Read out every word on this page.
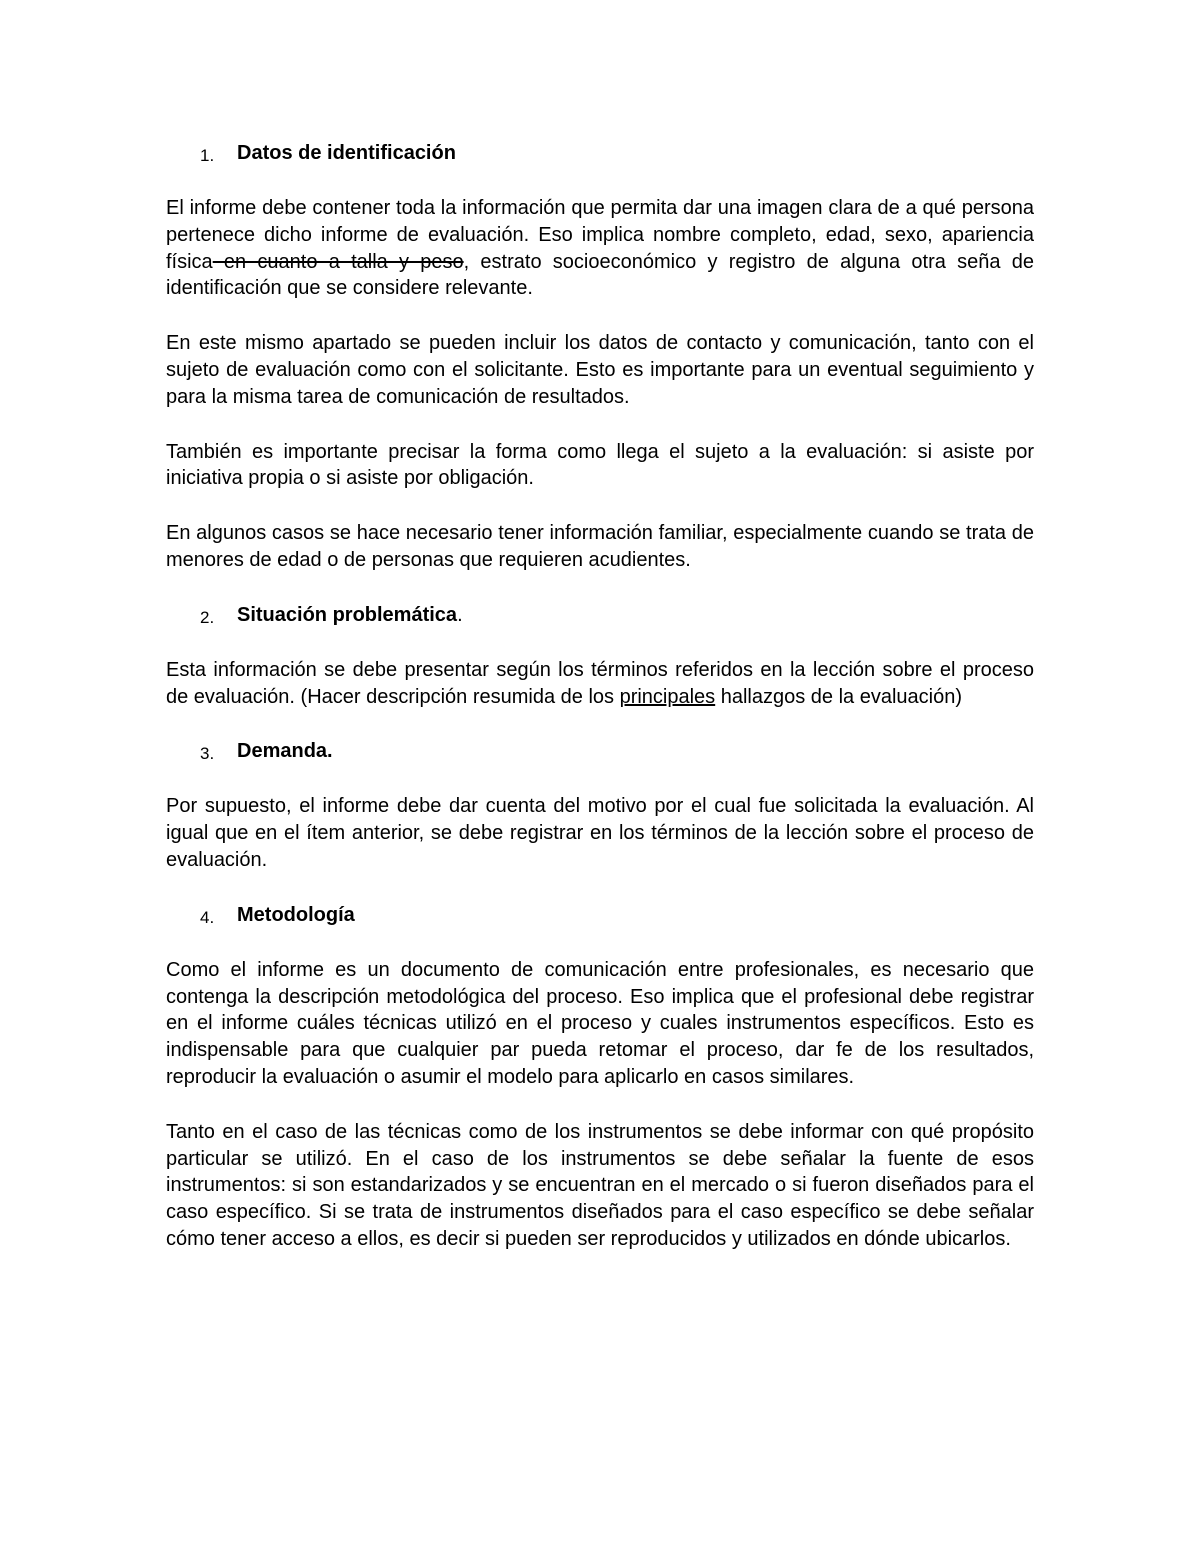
1. Datos de identificación

El informe debe contener toda la información que permita dar una imagen clara de a qué persona pertenece dicho informe de evaluación. Eso implica nombre completo, edad, sexo, apariencia física en cuanto a talla y peso, estrato socioeconómico y registro de alguna otra seña de identificación que se considere relevante.

En este mismo apartado se pueden incluir los datos de contacto y comunicación, tanto con el sujeto de evaluación como con el solicitante. Esto es importante para un eventual seguimiento y para la misma tarea de comunicación de resultados.

También es importante precisar la forma como llega el sujeto a la evaluación: si asiste por iniciativa propia o si asiste por obligación.

En algunos casos se hace necesario tener información familiar, especialmente cuando se trata de menores de edad o de personas que requieren acudientes.

2. Situación problemática.

Esta información se debe presentar según los términos referidos en la lección sobre el proceso de evaluación. (Hacer descripción resumida de los principales hallazgos de la evaluación)

3. Demanda.

Por supuesto, el informe debe dar cuenta del motivo por el cual fue solicitada la evaluación. Al igual que en el ítem anterior, se debe registrar en los términos de la lección sobre el proceso de evaluación.

4. Metodología

Como el informe es un documento de comunicación entre profesionales, es necesario que contenga la descripción metodológica del proceso. Eso implica que el profesional debe registrar en el informe cuáles técnicas utilizó en el proceso y cuales instrumentos específicos. Esto es indispensable para que cualquier par pueda retomar el proceso, dar fe de los resultados, reproducir la evaluación o asumir el modelo para aplicarlo en casos similares.

Tanto en el caso de las técnicas como de los instrumentos se debe informar con qué propósito particular se utilizó. En el caso de los instrumentos se debe señalar la fuente de esos instrumentos: si son estandarizados y se encuentran en el mercado o si fueron diseñados para el caso específico. Si se trata de instrumentos diseñados para el caso específico se debe señalar cómo tener acceso a ellos, es decir si pueden ser reproducidos y utilizados en dónde ubicarlos.
